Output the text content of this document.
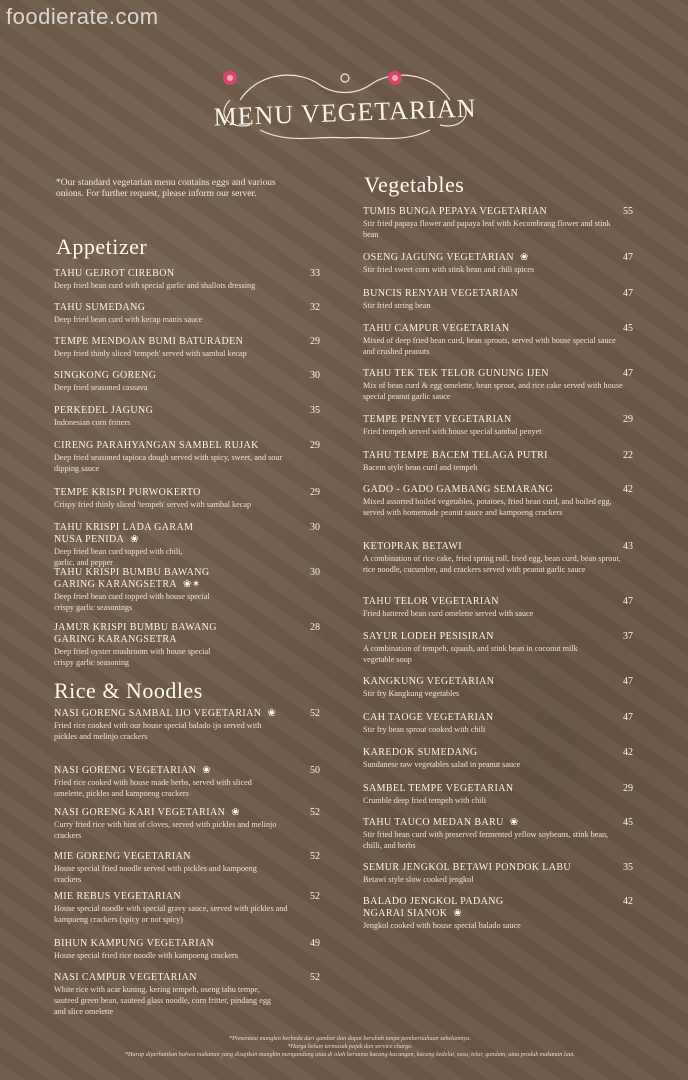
foodierate.com
MENU VEGETARIAN
*Our standard vegetarian menu contains eggs and various onions. For further request, please inform our server.
Appetizer
Rice & Noodles
Vegetables
TAHU GEJROT CIREBON
Deep fried bean curd with special garlic and shallots dressing
33
TAHU SUMEDANG
Deep fried bean curd with kecap manis sauce
32
TEMPE MENDOAN BUMI BATURADEN
Deep fried thinly sliced 'tempeh' served with sambal kecap
29
SINGKONG GORENG
Deep fried seasoned cassava
30
PERKEDEL JAGUNG
Indonesian corn fritters
35
CIRENG PARAHYANGAN SAMBEL RUJAK
Deep fried seasoned tapioca dough served with spicy, sweet, and sour dipping sauce
29
TEMPE KRISPI PURWOKERTO
Crispy fried thinly sliced 'tempeh' served with sambal kecap
29
TAHU KRISPI LADA GARAM NUSA PENIDA ❀
Deep fried bean curd topped with chili, garlic, and pepper
30
TAHU KRISPI BUMBU BAWANG GARING KARANGSETRA ❀✶
Deep fried bean curd topped with house special crispy garlic seasonings
30
JAMUR KRISPI BUMBU BAWANG GARING KARANGSETRA
Deep fried oyster mushroom with house special crispy garlic seasoning
28
NASI GORENG SAMBAL IJO VEGETARIAN ❀
Fried rice cooked with our house special balado ijo served with pickles and melinjo crackers
52
NASI GORENG VEGETARIAN ❀
Fried rice cooked with house made herbs, served with sliced omelette, pickles and kampoeng crackers
50
NASI GORENG KARI VEGETARIAN ❀
Curry fried rice with hint of cloves, served with pickles and melinjo crackers
52
MIE GORENG VEGETARIAN
House special fried noodle served with pickles and kampoeng crackers
52
MIE REBUS VEGETARIAN
House special noodle with special gravy sauce, served with pickles and kampoeng crackers (spicy or not spicy)
52
BIHUN KAMPUNG VEGETARIAN
House special fried rice noodle with kampoeng crackers
49
NASI CAMPUR VEGETARIAN
White rice with acar kuning, kering tempeh, oseng tahu tempe, sauteed green bean, sauteed glass noodle, corn fritter, pindang egg and slice omelette
52
TUMIS BUNGA PEPAYA VEGETARIAN
Stir fried papaya flower and papaya leaf with Kecombrang flower and stink bean
55
OSENG JAGUNG VEGETARIAN ❀
Stir fried sweet corn with stink bean and chili spices
47
BUNCIS RENYAH VEGETARIAN
Stir fried string bean
47
TAHU CAMPUR VEGETARIAN
Mixed of deep fried bean curd, bean sprouts, served with house special sauce and crushed peanuts
45
TAHU TEK TEK TELOR GUNUNG IJEN
Mix of bean curd & egg omelette, bean sprout, and rice cake served with house special peanut garlic sauce
47
TEMPE PENYET VEGETARIAN
Fried tempeh served with house special sambal penyet
29
TAHU TEMPE BACEM TELAGA PUTRI
Bacem style bean curd and tempeh
22
GADO - GADO GAMBANG SEMARANG
Mixed assorted boiled vegetables, potatoes, fried bean curd, and boiled egg, served with homemade peanut sauce and kampoeng crackers
42
KETOPRAK BETAWI
A combination of rice cake, fried spring roll, fried egg, bean curd, bean sprout, rice noodle, cucumber, and crackers served with peanut garlic sauce
43
TAHU TELOR VEGETARIAN
Fried battered bean curd omelette served with sauce
47
SAYUR LODEH PESISIRAN
A combination of tempeh, squash, and stink bean in coconut milk vegetable soup
37
KANGKUNG VEGETARIAN
Stir fry Kangkung vegetables
47
CAH TAOGE VEGETARIAN
Stir fry bean sprout cooked with chili
47
KAREDOK SUMEDANG
Sundanese raw vegetables salad in peanut sauce
42
SAMBEL TEMPE VEGETARIAN
Crumble deep fried tempeh with chili
29
TAHU TAUCO MEDAN BARU ❀
Stir fried bean curd with preserved fermented yellow soybeans, stink bean, chilli, and herbs
45
SEMUR JENGKOL BETAWI PONDOK LABU
Betawi style slow cooked jengkol
35
BALADO JENGKOL PADANG NGARAI SIANOK ❀
Jengkol cooked with house special balado sauce
42
*Presentasi mungkin berbeda dari gambar dan dapat berubah tanpa pemberitahuan sebelumnya.
*Harga belum termasuk pajak dan service charge.
*Harap diperhatikan bahwa makanan yang disajikan mungkin mengandung atau di olah bersama kacang-kacangan, kacang kedelai, susu, telur, gandum, atau produk makanan laut.
